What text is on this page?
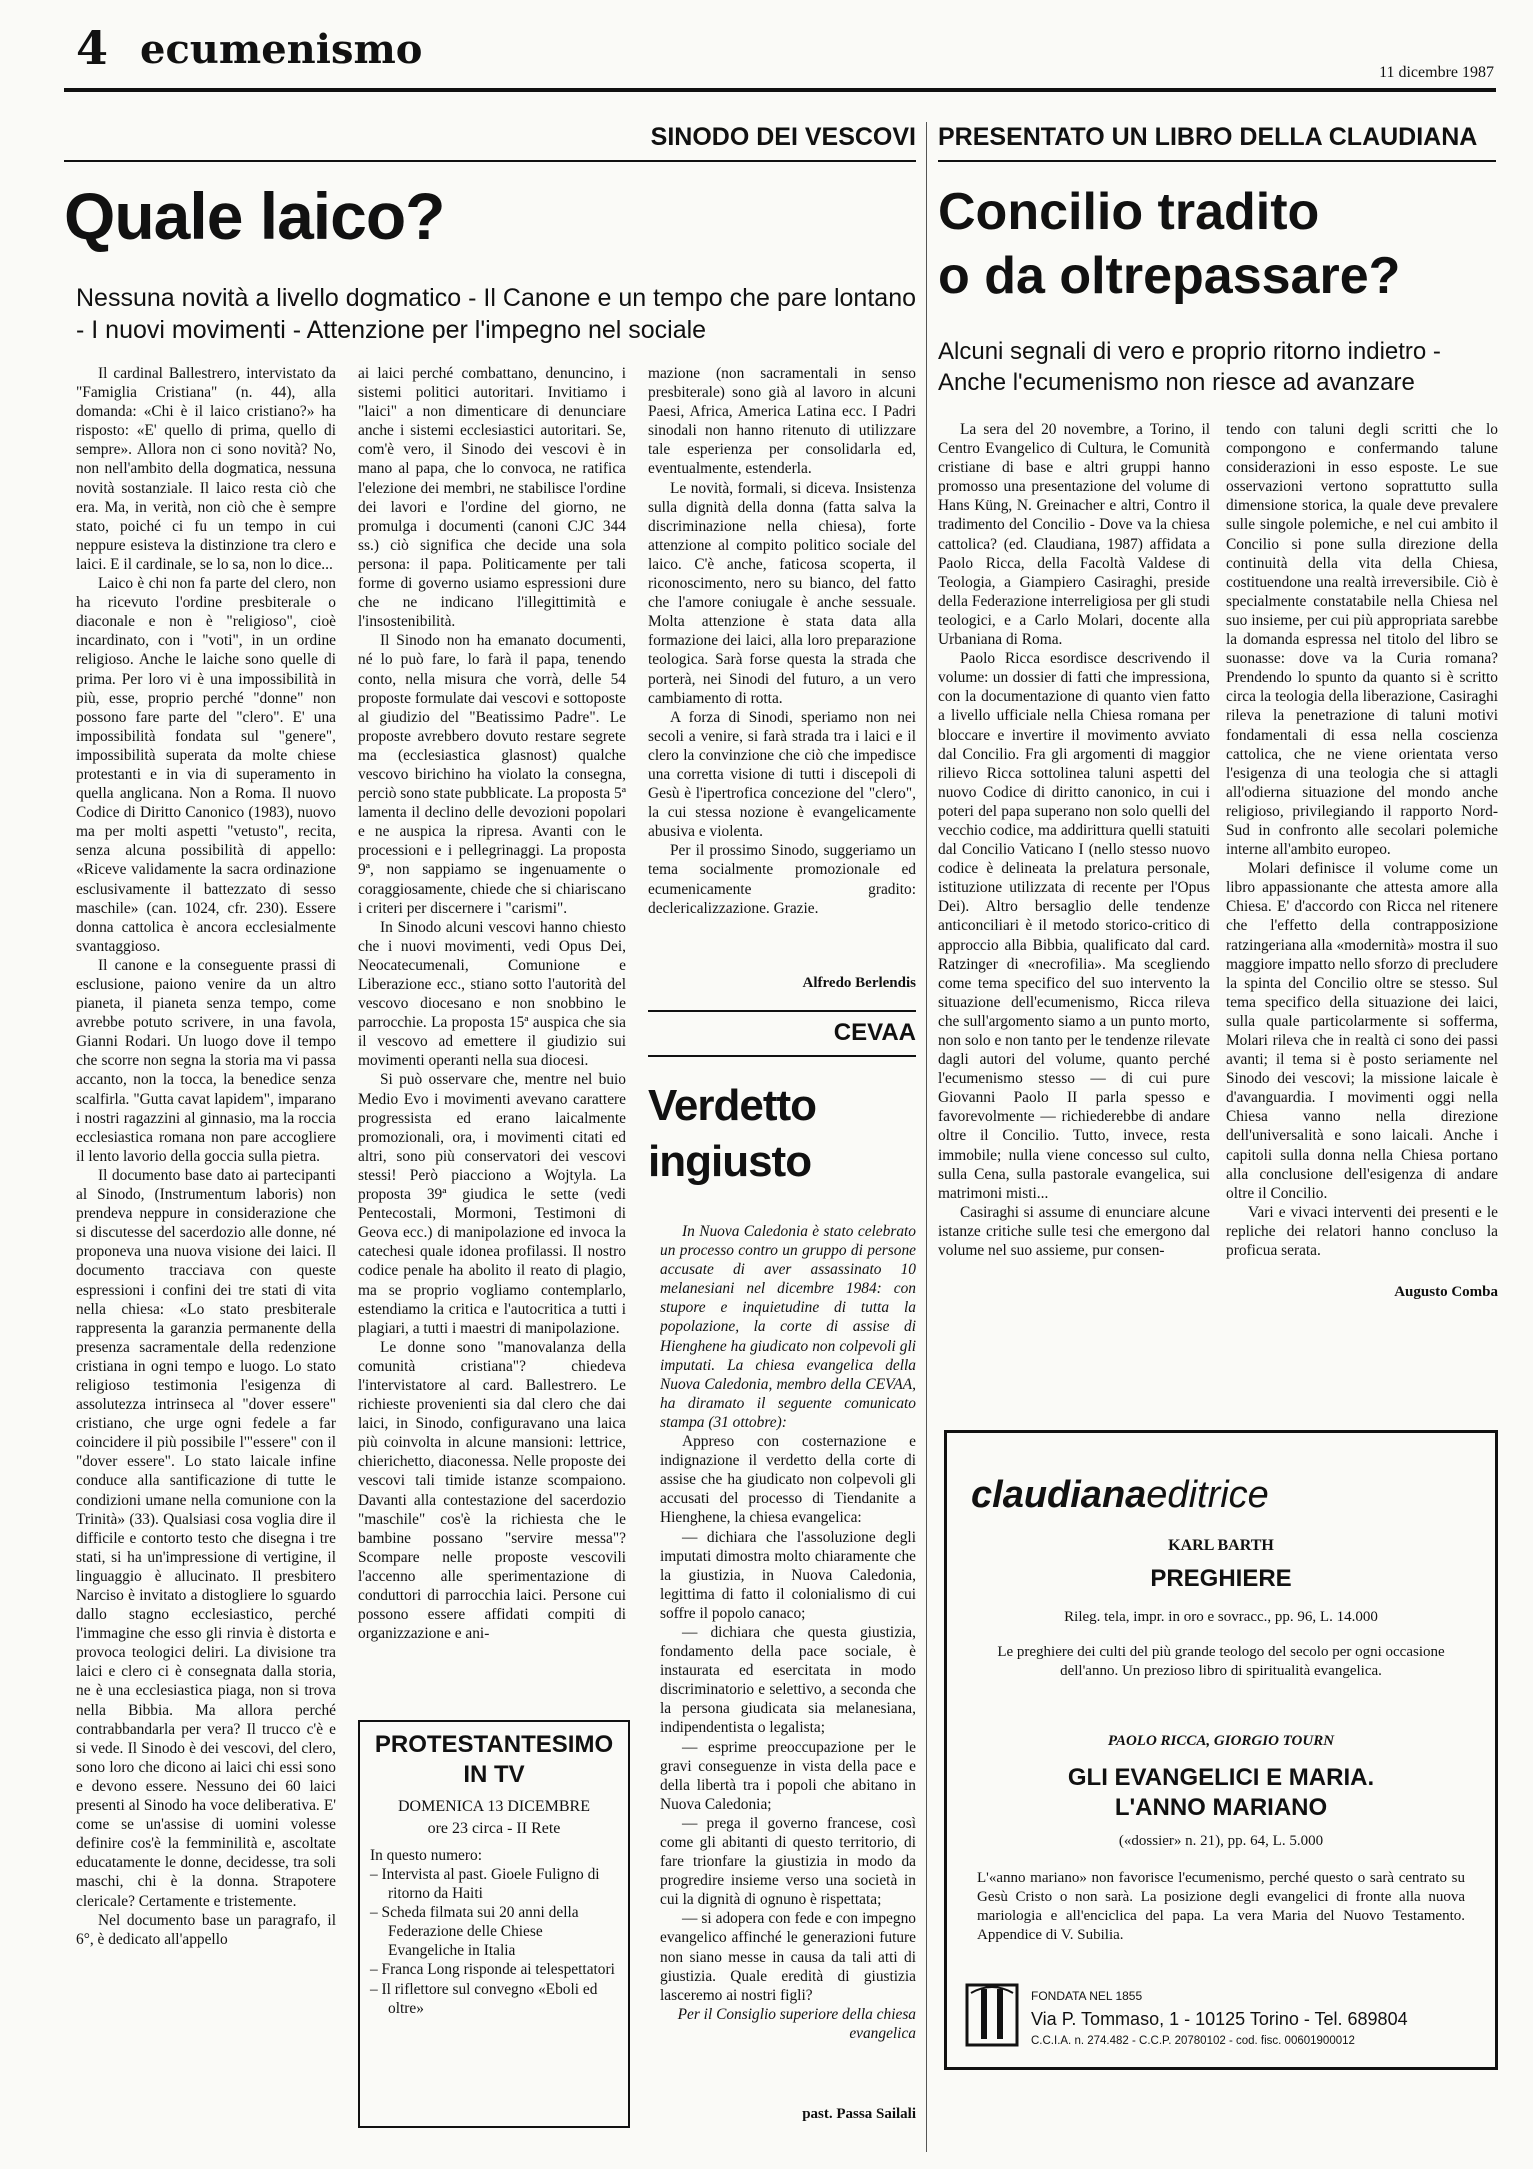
4 ecumenismo	11 dicembre 1987
SINODO DEI VESCOVI PRESENTATO UN LIBRO DELLA CLAUDIANA
Quale laico?
Nessuna novità a livello dogmatico - Il Canone e un tempo che pare lontano - I nuovi movimenti - Attenzione per l'impegno nel sociale

Il cardinal Ballestrero, intervistato da "Famiglia Cristiana" (n. 44), alla domanda: «Chi è il laico cristiano?» ha risposto: «E' quello di prima, quello di sempre». Allora non ci sono novità? No, non nell'ambito della dogmatica, nessuna novità sostanziale. Il laico resta ciò che era. Ma, in verità, non ciò che è sempre stato, poiché ci fu un tempo in cui neppure esisteva la distinzione tra clero e laici. E il cardinale, se lo sa, non lo dice...

Laico è chi non fa parte del clero, non ha ricevuto l'ordine presbiterale o diaconale e non è "religioso", cioè incardinato, con i "voti", in un ordine religioso. Anche le laiche sono quelle di prima. Per loro vi è una impossibilità in più, esse, proprio perché "donne" non possono fare parte del "clero". E' una impossibilità fondata sul "genere", impossibilità superata da molte chiese protestanti e in via di superamento in quella anglicana. Non a Roma. Il nuovo Codice di Diritto Canonico (1983), nuovo ma per molti aspetti "vetusto", recita, senza alcuna possibilità di appello: «Riceve validamente la sacra ordinazione esclusivamente il battezzato di sesso maschile» (can. 1024, cfr. 230). Essere donna cattolica è ancora ecclesialmente svantaggioso.

Il canone e la conseguente prassi di esclusione, paiono venire da un altro pianeta, il pianeta senza tempo, come avrebbe potuto scrivere, in una favola, Gianni Rodari. Un luogo dove il tempo che scorre non segna la storia ma vi passa accanto, non la tocca, la benedice senza scalfirla. "Gutta cavat lapidem", imparano i nostri ragazzini al ginnasio, ma la roccia ecclesiastica romana non pare accogliere il lento lavorio della goccia sulla pietra.

Il documento base dato ai partecipanti al Sinodo, (Instrumentum laboris) non prendeva neppure in considerazione che si discutesse del sacerdozio alle donne, né proponeva una nuova visione dei laici. Il documento tracciava con queste espressioni i confini dei tre stati di vita nella chiesa: «Lo stato presbiterale rappresenta la garanzia permanente della presenza sacramentale della redenzione cristiana in ogni tempo e luogo. Lo stato religioso testimonia l'esigenza di assolutezza intrinseca al "dover essere" cristiano, che urge ogni fedele a far coincidere il più possibile l'"essere" con il "dover essere". Lo stato laicale infine conduce alla santificazione di tutte le condizioni umane nella comunione con la Trinità» (33). Qualsiasi cosa voglia dire il difficile e contorto testo che disegna i tre stati, si ha un'impressione di vertigine, il linguaggio è allucinato. Il presbitero Narciso è invitato a distogliere lo sguardo dallo stagno ecclesiastico, perché l'immagine che esso gli rinvia è distorta e provoca teologici deliri. La divisione tra laici e clero ci è consegnata dalla storia, ne è una ecclesiastica piaga, non si trova nella Bibbia. Ma allora perché contrabbandarla per vera? Il trucco c'è e si vede. Il Sinodo è dei vescovi, del clero, sono loro che dicono ai laici chi essi sono e devono essere. Nessuno dei 60 laici presenti al Sinodo ha voce deliberativa. E' come se un'assise di uomini volesse definire cos'è la femminilità e, ascoltate educatamente le donne, decidesse, tra soli maschi, chi è la donna. Strapotere clericale? Certamente e tristemente.

Nel documento base un paragrafo, il 6°, è dedicato all'appello

ai laici perché combattano, denuncino, i sistemi politici autoritari. Invitiamo i "laici" a non dimenticare di denunciare anche i sistemi ecclesiastici autoritari. Se, com'è vero, il Sinodo dei vescovi è in mano al papa, che lo convoca, ne ratifica l'elezione dei membri, ne stabilisce l'ordine dei lavori e l'ordine del giorno, ne promulga i documenti (canoni CJC 344 ss.) ciò significa che decide una sola persona: il papa. Politicamente per tali forme di governo usiamo espressioni dure che ne indicano l'illegittimità e l'insostenibilità.

Il Sinodo non ha emanato documenti, né lo può fare, lo farà il papa, tenendo conto, nella misura che vorrà, delle 54 proposte formulate dai vescovi e sottoposte al giudizio del "Beatissimo Padre". Le proposte avrebbero dovuto restare segrete ma (ecclesiastica glasnost) qualche vescovo birichino ha violato la consegna, perciò sono state pubblicate. La proposta 5ª lamenta il declino delle devozioni popolari e ne auspica la ripresa. Avanti con le processioni e i pellegrinaggi. La proposta 9ª, non sappiamo se ingenuamente o coraggiosamente, chiede che si chiariscano i criteri per discernere i "carismi".

In Sinodo alcuni vescovi hanno chiesto che i nuovi movimenti, vedi Opus Dei, Neocatecumenali, Comunione e Liberazione ecc., stiano sotto l'autorità del vescovo diocesano e non snobbino le parrocchie. La proposta 15ª auspica che sia il vescovo ad emettere il giudizio sui movimenti operanti nella sua diocesi.

Si può osservare che, mentre nel buio Medio Evo i movimenti avevano carattere progressista ed erano laicalmente promozionali, ora, i movimenti citati ed altri, sono più conservatori dei vescovi stessi! Però piacciono a Wojtyla. La proposta 39ª giudica le sette (vedi Pentecostali, Mormoni, Testimoni di Geova ecc.) di manipolazione ed invoca la catechesi quale idonea profilassi. Il nostro codice penale ha abolito il reato di plagio, ma se proprio vogliamo contemplarlo, estendiamo la critica e l'autocritica a tutti i plagiari, a tutti i maestri di manipolazione.

Le donne sono "manovalanza della comunità cristiana"? chiedeva l'intervistatore al card. Ballestrero. Le richieste provenienti sia dal clero che dai laici, in Sinodo, configuravano una laica più coinvolta in alcune mansioni: lettrice, chierichetto, diaconessa. Nelle proposte dei vescovi tali timide istanze scompaiono. Davanti alla contestazione del sacerdozio "maschile" cos'è la richiesta che le bambine possano "servire messa"? Scompare nelle proposte vescovili l'accenno alle sperimentazione di conduttori di parrocchia laici. Persone cui possono essere affidati compiti di organizzazione e ani-

PROTESTANTESIMO IN TV
DOMENICA 13 DICEMBRE
ore 23 circa - II Rete
In questo numero:
– Intervista al past. Gioele Fuligno di ritorno da Haiti
– Scheda filmata sui 20 anni della Federazione delle Chiese Evangeliche in Italia
– Franca Long risponde ai telespettatori
– Il riflettore sul convegno «Eboli ed oltre»

mazione (non sacramentali in senso presbiterale) sono già al lavoro in alcuni Paesi, Africa, America Latina ecc. I Padri sinodali non hanno ritenuto di utilizzare tale esperienza per consolidarla ed, eventualmente, estenderla.

Le novità, formali, si diceva. Insistenza sulla dignità della donna (fatta salva la discriminazione nella chiesa), forte attenzione al compito politico sociale del laico. C'è anche, faticosa scoperta, il riconoscimento, nero su bianco, del fatto che l'amore coniugale è anche sessuale. Molta attenzione è stata data alla formazione dei laici, alla loro preparazione teologica. Sarà forse questa la strada che porterà, nei Sinodi del futuro, a un vero cambiamento di rotta.

A forza di Sinodi, speriamo non nei secoli a venire, si farà strada tra i laici e il clero la convinzione che ciò che impedisce una corretta visione di tutti i discepoli di Gesù è l'ipertrofica concezione del "clero", la cui stessa nozione è evangelicamente abusiva e violenta.

Per il prossimo Sinodo, suggeriamo un tema socialmente promozionale ed ecumenicamente gradito: declericalizzazione. Grazie.

Alfredo Berlendis
CEVAA
Verdetto ingiusto

In Nuova Caledonia è stato celebrato un processo contro un gruppo di persone accusate di aver assassinato 10 melanesiani nel dicembre 1984: con stupore e inquietudine di tutta la popolazione, la corte di assise di Hienghene ha giudicato non colpevoli gli imputati. La chiesa evangelica della Nuova Caledonia, membro della CEVAA, ha diramato il seguente comunicato stampa (31 ottobre):

Appreso con costernazione e indignazione il verdetto della corte di assise che ha giudicato non colpevoli gli accusati del processo di Tiendanite a Hienghene, la chiesa evangelica:

— dichiara che l'assoluzione degli imputati dimostra molto chiaramente che la giustizia, in Nuova Caledonia, legittima di fatto il colonialismo di cui soffre il popolo canaco;

— dichiara che questa giustizia, fondamento della pace sociale, è instaurata ed esercitata in modo discriminatorio e selettivo, a seconda che la persona giudicata sia melanesiana, indipendentista o legalista;

— esprime preoccupazione per le gravi conseguenze in vista della pace e della libertà tra i popoli che abitano in Nuova Caledonia;

— prega il governo francese, così come gli abitanti di questo territorio, di fare trionfare la giustizia in modo da progredire insieme verso una società in cui la dignità di ognuno è rispettata;

— si adopera con fede e con impegno evangelico affinché le generazioni future non siano messe in causa da tali atti di giustizia. Quale eredità di giustizia lasceremo ai nostri figli?

Per il Consiglio superiore della chiesa evangelica

past. Passa Sailali
Concilio tradito
o da oltrepassare?
Alcuni segnali di vero e proprio ritorno indietro - Anche l'ecumenismo non riesce ad avanzare

La sera del 20 novembre, a Torino, il Centro Evangelico di Cultura, le Comunità cristiane di base e altri gruppi hanno promosso una presentazione del volume di Hans Küng, N. Greinacher e altri, Contro il tradimento del Concilio - Dove va la chiesa cattolica? (ed. Claudiana, 1987) affidata a Paolo Ricca, della Facoltà Valdese di Teologia, a Giampiero Casiraghi, preside della Federazione interreligiosa per gli studi teologici, e a Carlo Molari, docente alla Urbaniana di Roma.

Paolo Ricca esordisce descrivendo il volume: un dossier di fatti che impressiona, con la documentazione di quanto vien fatto a livello ufficiale nella Chiesa romana per bloccare e invertire il movimento avviato dal Concilio. Fra gli argomenti di maggior rilievo Ricca sottolinea taluni aspetti del nuovo Codice di diritto canonico, in cui i poteri del papa superano non solo quelli del vecchio codice, ma addirittura quelli statuiti dal Concilio Vaticano I (nello stesso nuovo codice è delineata la prelatura personale, istituzione utilizzata di recente per l'Opus Dei). Altro bersaglio delle tendenze anticonciliari è il metodo storico-critico di approccio alla Bibbia, qualificato dal card. Ratzinger di «necrofilia». Ma scegliendo come tema specifico del suo intervento la situazione dell'ecumenismo, Ricca rileva che sull'argomento siamo a un punto morto, non solo e non tanto per le tendenze rilevate dagli autori del volume, quanto perché l'ecumenismo stesso — di cui pure Giovanni Paolo II parla spesso e favorevolmente — richiederebbe di andare oltre il Concilio. Tutto, invece, resta immobile; nulla viene concesso sul culto, sulla Cena, sulla pastorale evangelica, sui matrimoni misti...

Casiraghi si assume di enunciare alcune istanze critiche sulle tesi che emergono dal volume nel suo assieme, pur consen-

tendo con taluni degli scritti che lo compongono e confermando talune considerazioni in esso esposte. Le sue osservazioni vertono soprattutto sulla dimensione storica, la quale deve prevalere sulle singole polemiche, e nel cui ambito il Concilio si pone sulla direzione della continuità della vita della Chiesa, costituendone una realtà irreversibile. Ciò è specialmente constatabile nella Chiesa nel suo insieme, per cui più appropriata sarebbe la domanda espressa nel titolo del libro se suonasse: dove va la Curia romana? Prendendo lo spunto da quanto si è scritto circa la teologia della liberazione, Casiraghi rileva la penetrazione di taluni motivi fondamentali di essa nella coscienza cattolica, che ne viene orientata verso l'esigenza di una teologia che si attagli all'odierna situazione del mondo anche religioso, privilegiando il rapporto Nord-Sud in confronto alle secolari polemiche interne all'ambito europeo.

Molari definisce il volume come un libro appassionante che attesta amore alla Chiesa. E' d'accordo con Ricca nel ritenere che l'effetto della contrapposizione ratzingeriana alla «modernità» mostra il suo maggiore impatto nello sforzo di precludere la spinta del Concilio oltre se stesso. Sul tema specifico della situazione dei laici, sulla quale particolarmente si sofferma, Molari rileva che in realtà ci sono dei passi avanti; il tema si è posto seriamente nel Sinodo dei vescovi; la missione laicale è d'avanguardia. I movimenti oggi nella Chiesa vanno nella direzione dell'universalità e sono laicali. Anche i capitoli sulla donna nella Chiesa portano alla conclusione dell'esigenza di andare oltre il Concilio.

Vari e vivaci interventi dei presenti e le repliche dei relatori hanno concluso la proficua serata.

Augusto Comba
claudianaeditrice
KARL BARTH
PREGHIERE
Rileg. tela, impr. in oro e sovracc., pp. 96, L. 14.000
Le preghiere dei culti del più grande teologo del secolo per ogni occasione dell'anno. Un prezioso libro di spiritualità evangelica.
PAOLO RICCA, GIORGIO TOURN
GLI EVANGELICI E MARIA.
L'ANNO MARIANO
(«dossier» n. 21), pp. 64, L. 5.000
L'«anno mariano» non favorisce l'ecumenismo, perché questo o sarà centrato su Gesù Cristo o non sarà. La posizione degli evangelici di fronte alla nuova mariologia e all'enciclica del papa. La vera Maria del Nuovo Testamento. Appendice di V. Subilia.
FONDATA NEL 1855
Via P. Tommaso, 1 - 10125 Torino - Tel. 689804
C.C.I.A. n. 274.482 - C.C.P. 20780102 - cod. fisc. 00601900012
